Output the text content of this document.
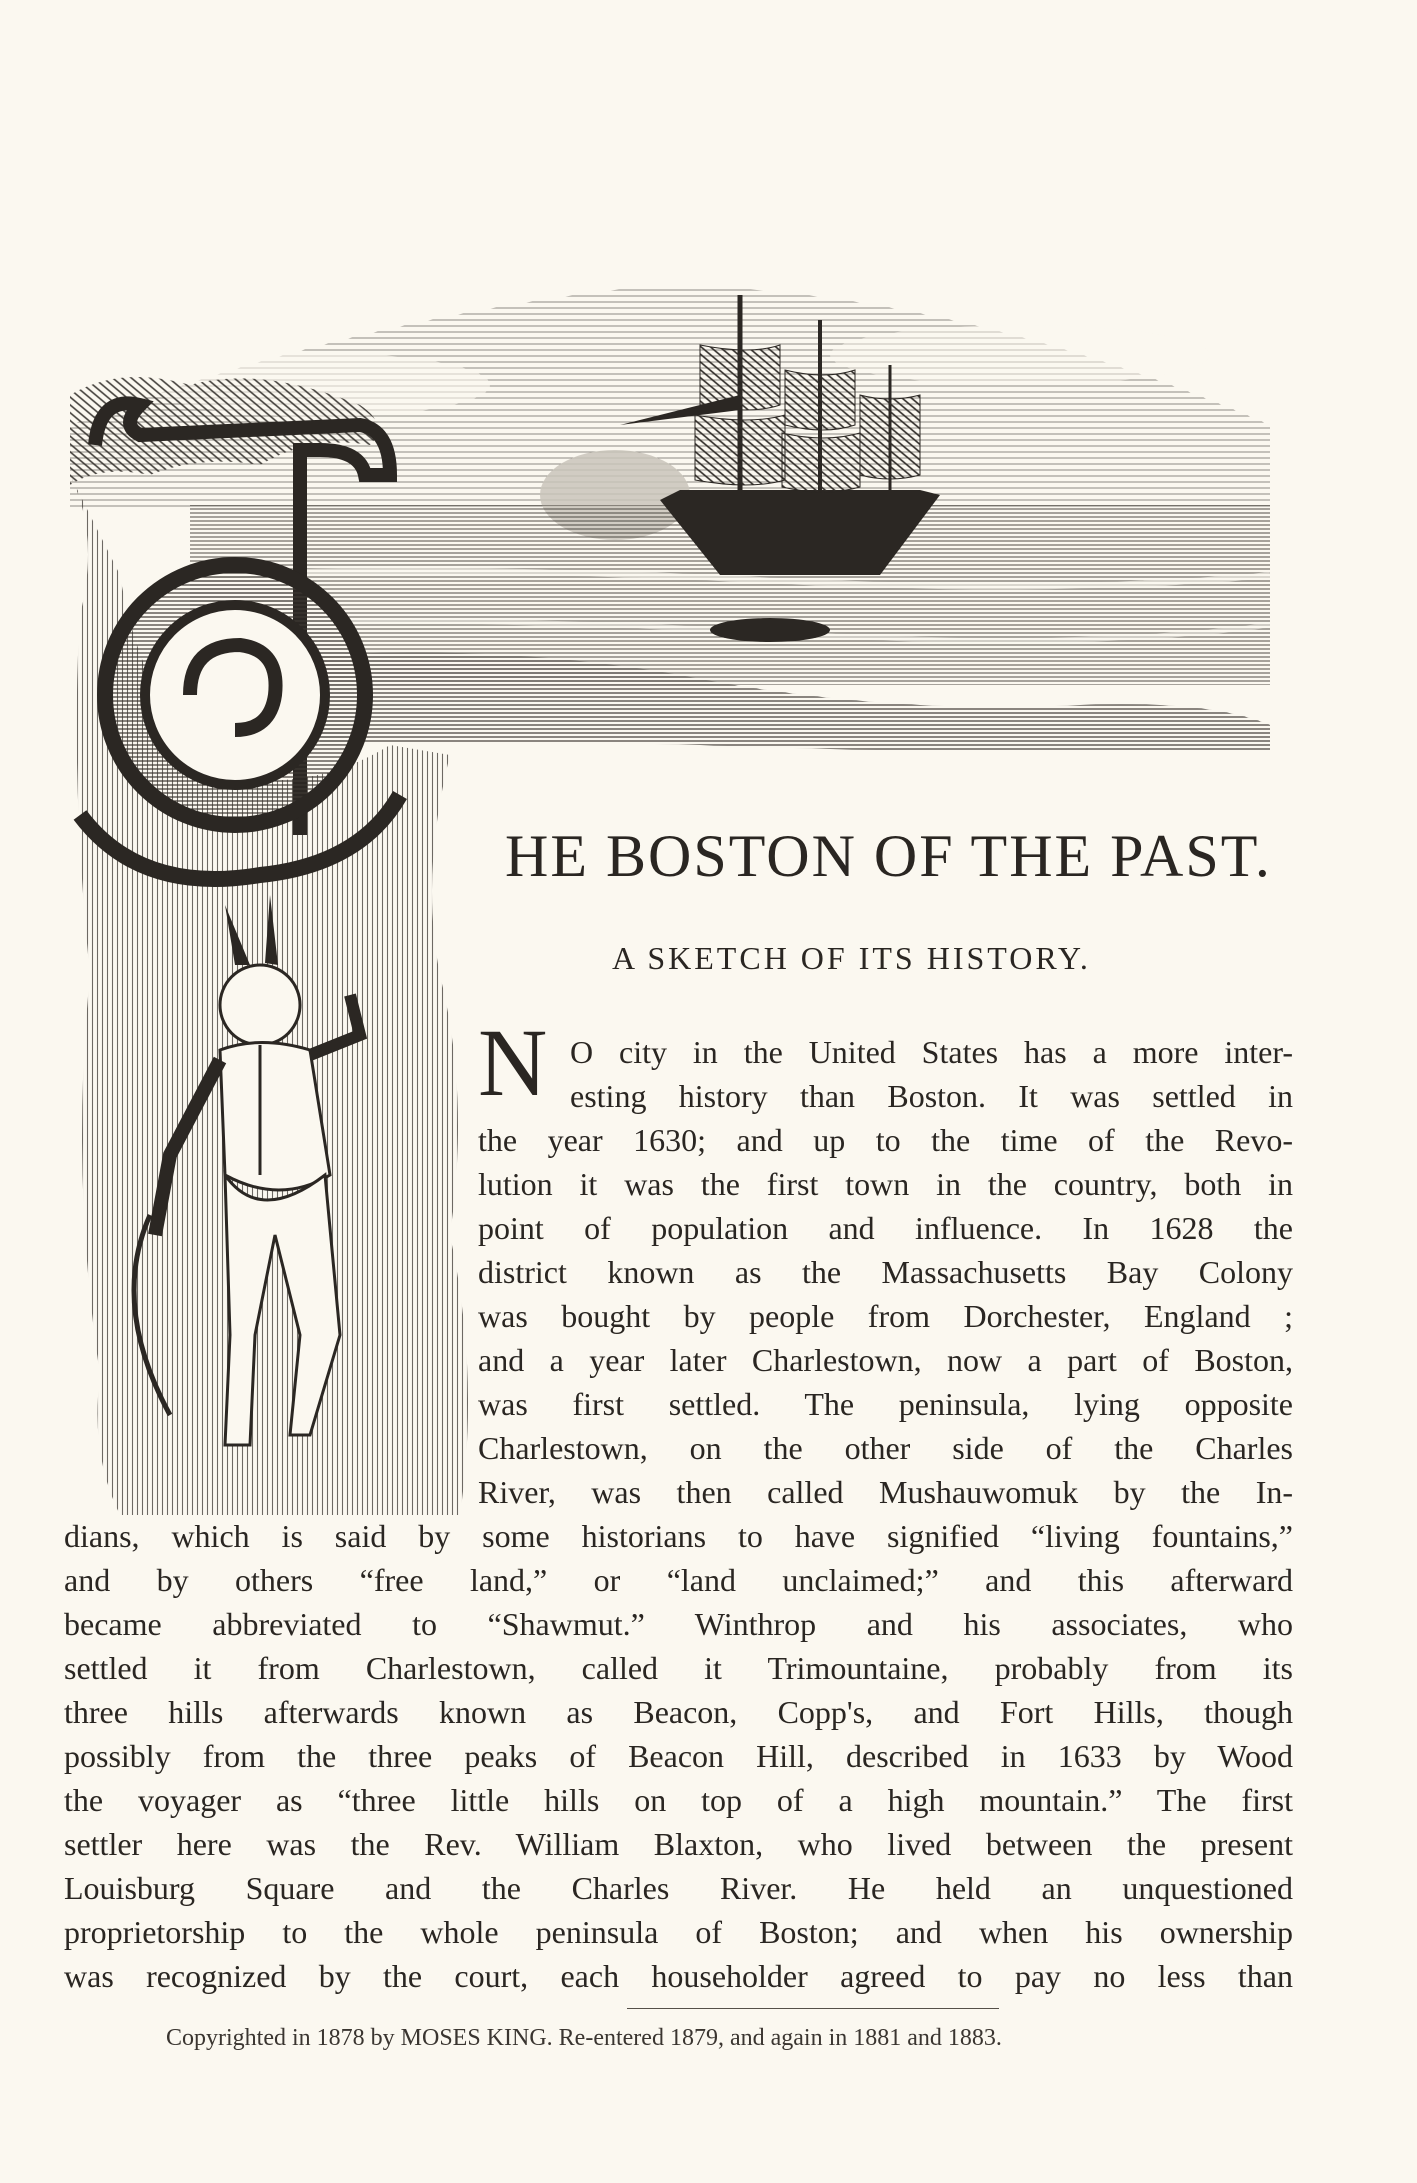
T
HE BOSTON OF THE PAST.
A SKETCH OF ITS HISTORY.
N O city in the United States has a more inter-
esting history than Boston. It was settled in
the year 1630; and up to the time of the Revo-
lution it was the first town in the country, both in
point of population and influence. In 1628 the
district known as the Massachusetts Bay Colony
was bought by people from Dorchester, England ;
and a year later Charlestown, now a part of Boston,
was first settled. The peninsula, lying opposite
Charlestown, on the other side of the Charles
River, was then called Mushauwomuk by the In-
dians, which is said by some historians to have signified “living fountains,”
and by others “free land,” or “land unclaimed;” and this afterward
became abbreviated to “Shawmut.” Winthrop and his associates, who
settled it from Charlestown, called it Trimountaine, probably from its
three hills afterwards known as Beacon, Copp's, and Fort Hills, though
possibly from the three peaks of Beacon Hill, described in 1633 by Wood
the voyager as “three little hills on top of a high mountain.” The first
settler here was the Rev. William Blaxton, who lived between the present
Louisburg Square and the Charles River. He held an unquestioned
proprietorship to the whole peninsula of Boston; and when his ownership
was recognized by the court, each householder agreed to pay no less than
Copyrighted in 1878 by MOSES KING. Re-entered 1879, and again in 1881 and 1883.
